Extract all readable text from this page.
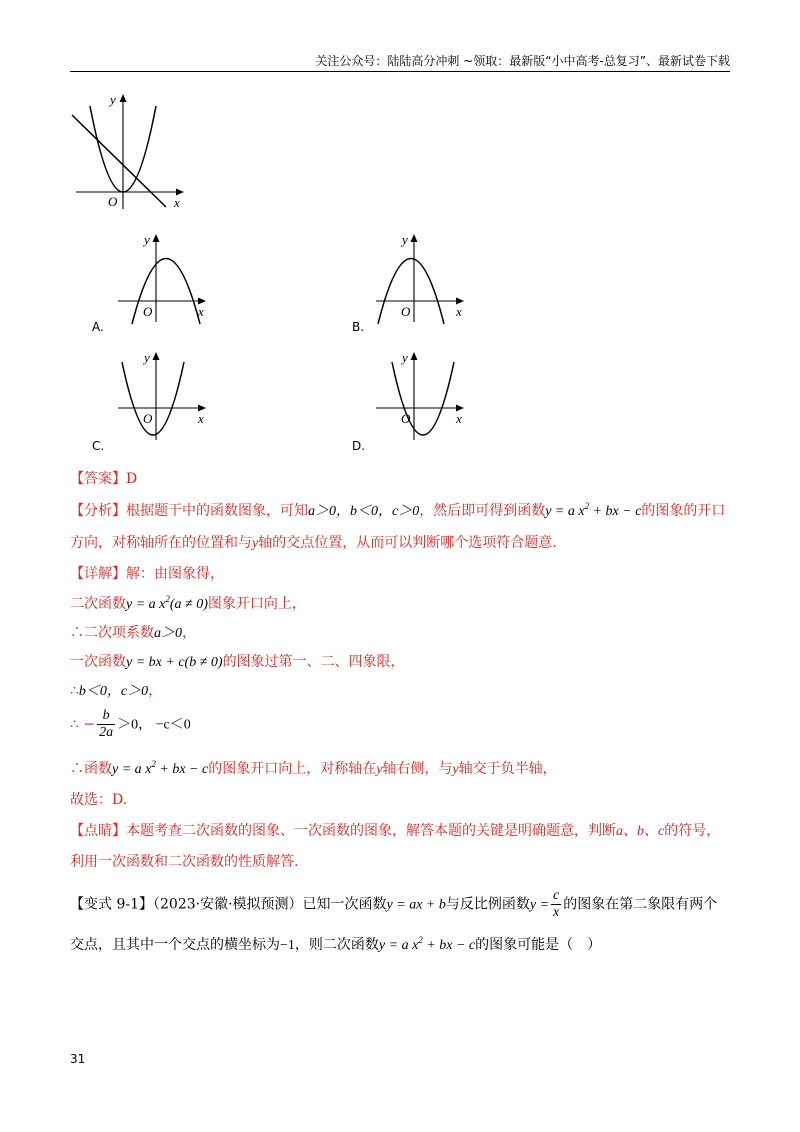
关注公众号：陆陆高分冲刺 ~领取：最新版“小中高考-总复习”、最新试卷下载
y
x
O
y
x
O
A.
y
x
O
B.
y
x
O
C.
y
x
O
D.
【答案】D
【分析】根据题干中的函数图象，可知a＞0，b＜0，c＞0，然后即可得到函数y = a $x^2$ + bx − c的图象的开口
方向，对称轴所在的位置和与y轴的交点位置，从而可以判断哪个选项符合题意.
【详解】解：由图象得，
二次函数y = a $x^2(a \ne 0)$图象开口向上，
∴二次项系数a＞0，
一次函数y = bx + c(b ≠ 0)的图象过第一、二、四象限，
∴b＜0，c＞0，
∴ − $\frac{b}{2a} >0$， −c＜0
∴函数y = a $x^2$ + bx − c的图象开口向上，对称轴在y轴右侧，与y轴交于负半轴，
故选：D.
【点睛】本题考查二次函数的图象、一次函数的图象，解答本题的关键是明确题意，判断a、b、c的符号，
利用一次函数和二次函数的性质解答.
【变式 9-1】（2023·安徽·模拟预测）已知一次函数y = ax + b与反比例函数$y = \frac{c}{x}$ 的图象在第二象限有两个
交点，且其中一个交点的横坐标为−1，则二次函数y = a $x^2$ + bx − c的图象可能是（　）
31
